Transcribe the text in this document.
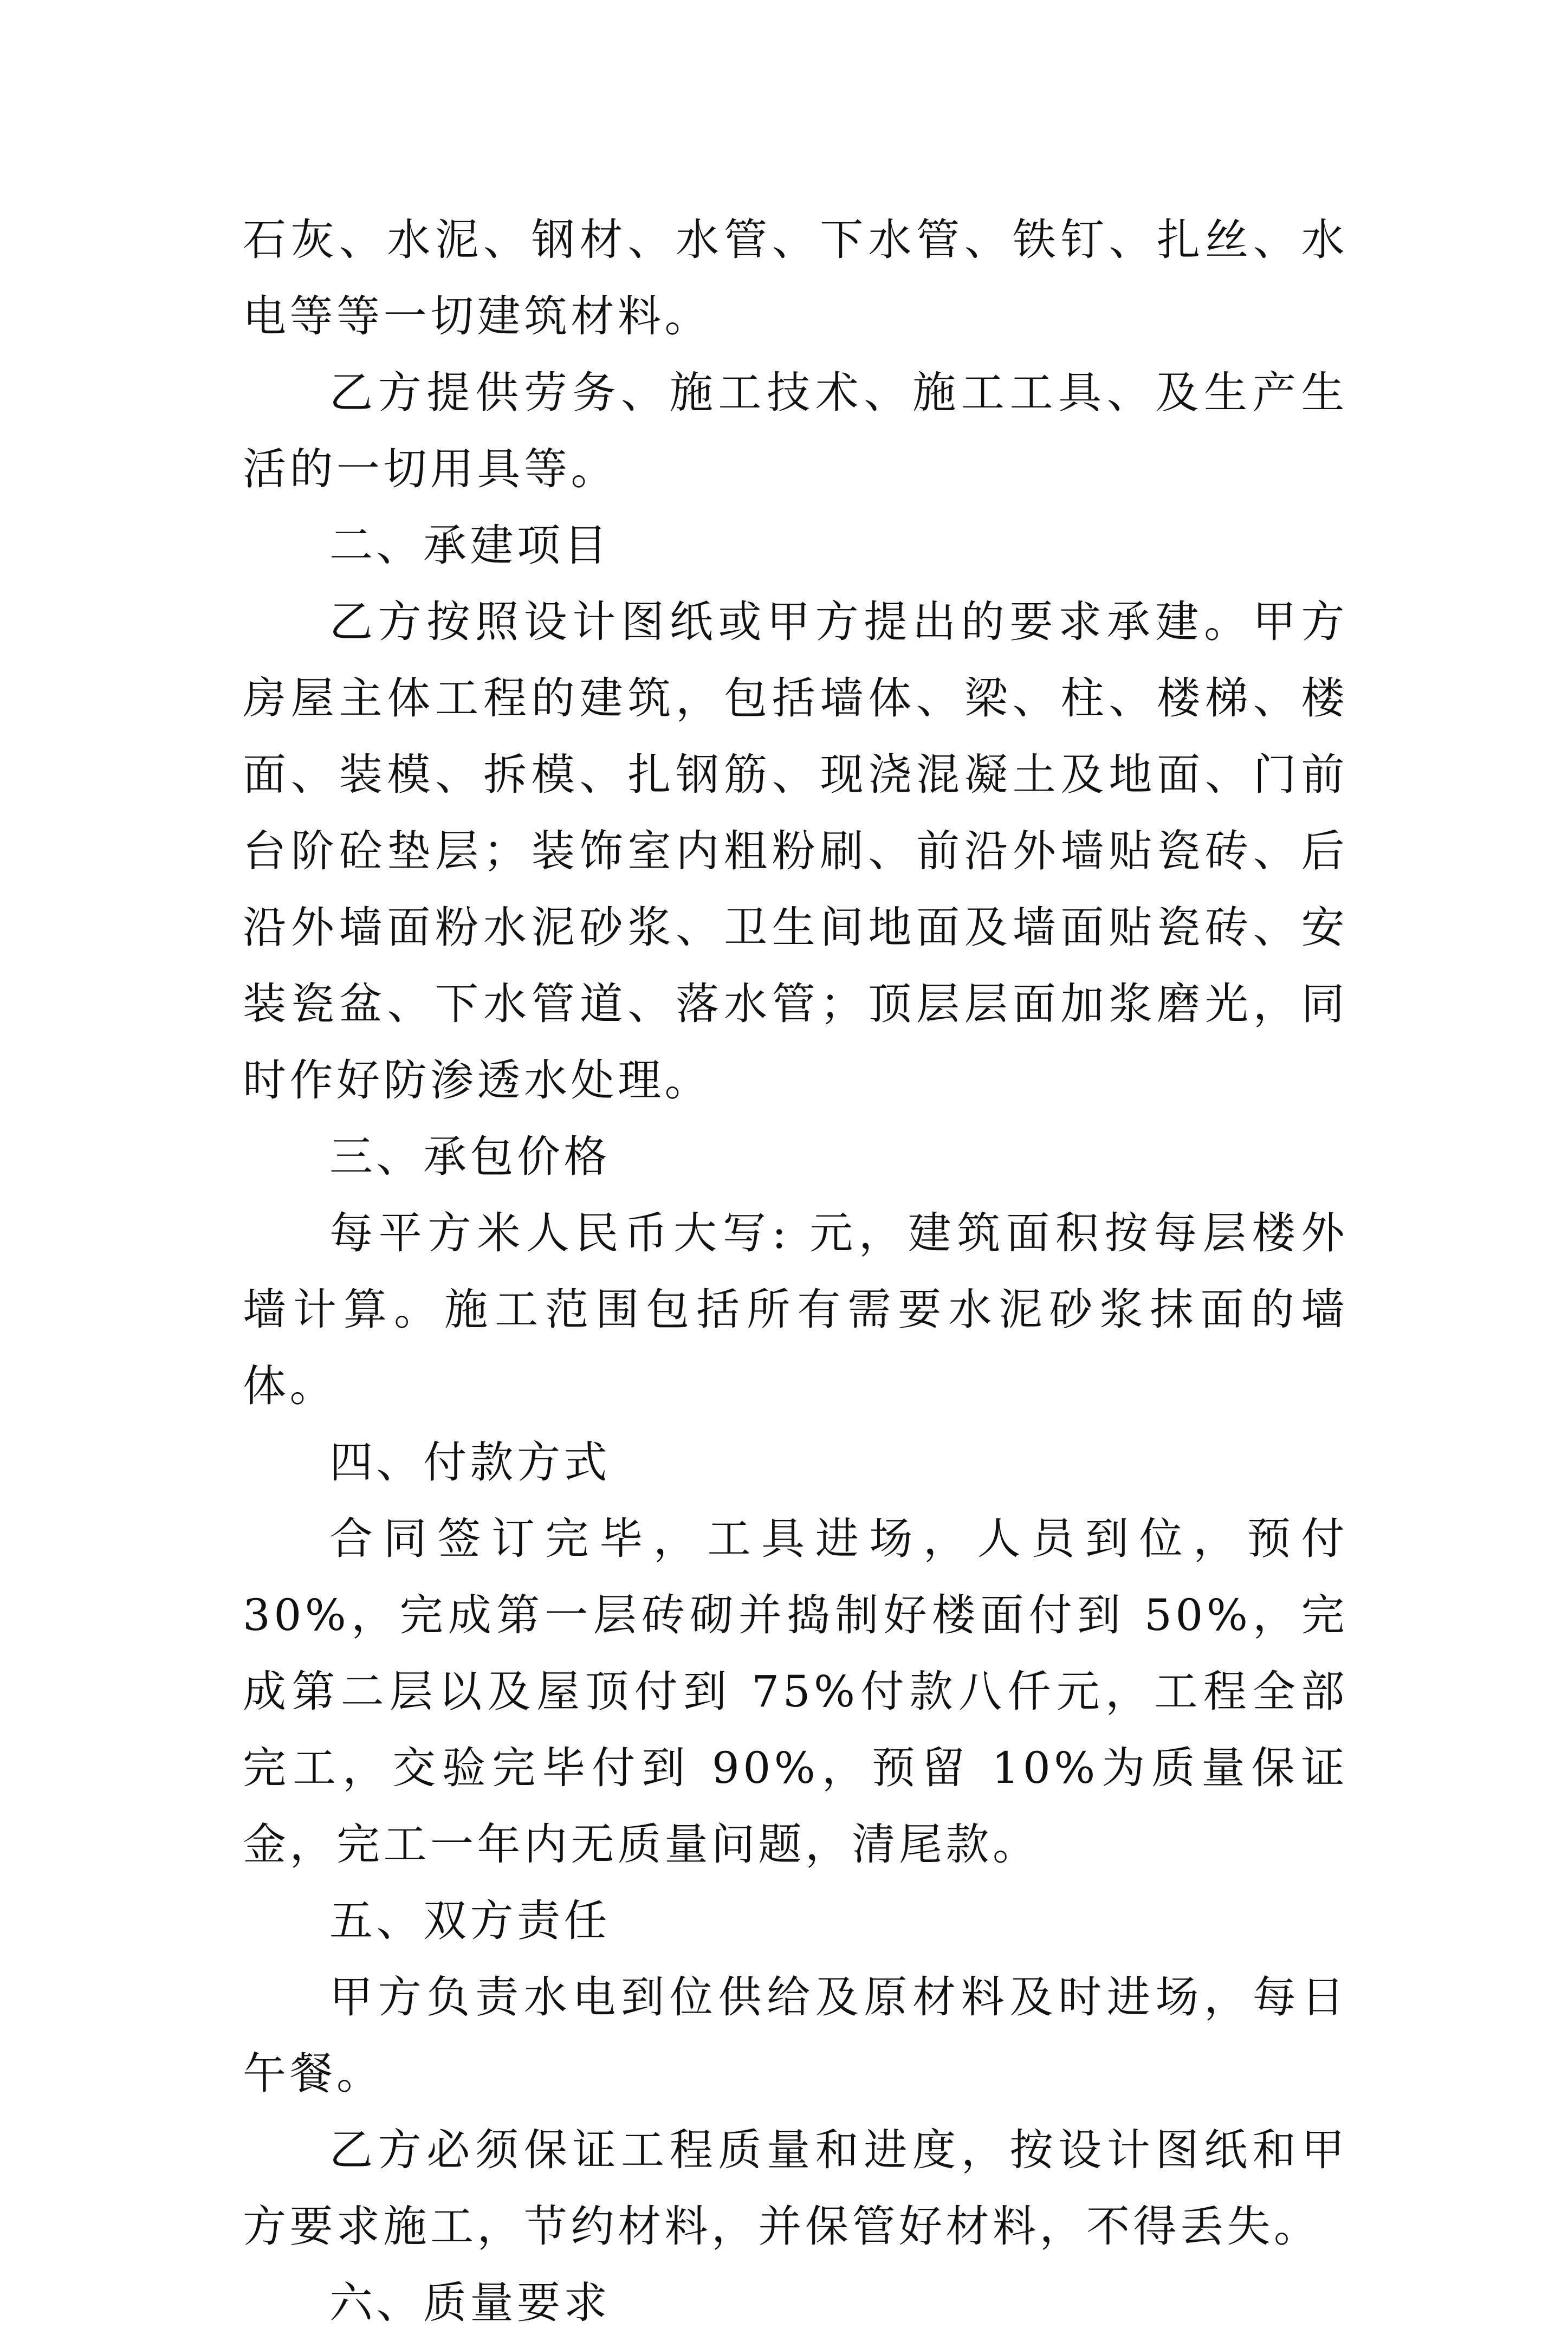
石灰、水泥、钢材、水管、下水管、铁钉、扎丝、水电等等一切建筑材料。

乙方提供劳务、施工技术、施工工具、及生产生活的一切用具等。

二、承建项目

乙方按照设计图纸或甲方提出的要求承建。甲方房屋主体工程的建筑，包括墙体、梁、柱、楼梯、楼面、装模、拆模、扎钢筋、现浇混凝土及地面、门前台阶砼垫层；装饰室内粗粉刷、前沿外墙贴瓷砖、后沿外墙面粉水泥砂浆、卫生间地面及墙面贴瓷砖、安装瓷盆、下水管道、落水管；顶层层面加浆磨光，同时作好防渗透水处理。

三、承包价格

每平方米人民币大写: 元，建筑面积按每层楼外墙计算。施工范围包括所有需要水泥砂浆抹面的墙体。

四、付款方式

合同签订完毕，工具进场，人员到位，预付 30%，完成第一层砖砌并捣制好楼面付到 50%，完成第二层以及屋顶付到 75%付款八仟元，工程全部完工，交验完毕付到 90%，预留 10%为质量保证金，完工一年内无质量问题，清尾款。

五、双方责任

甲方负责水电到位供给及原材料及时进场，每日午餐。

乙方必须保证工程质量和进度，按设计图纸和甲方要求施工，节约材料，并保管好材料，不得丢失。

六、质量要求
